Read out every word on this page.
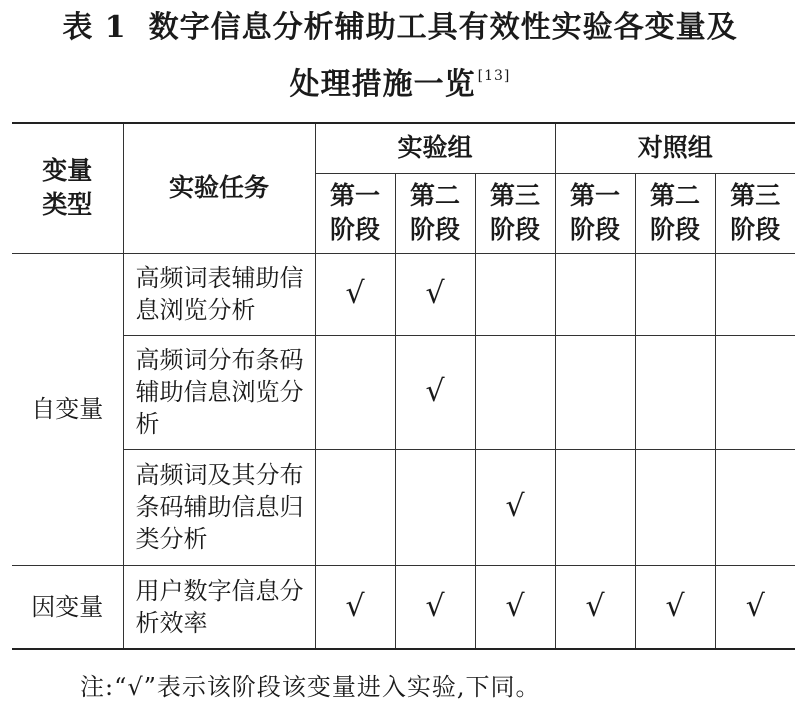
表 1 数字信息分析辅助工具有效性实验各变量及
处理措施一览 [13]
变量类型	实验任务	实验组			对照组		

		第一阶段	第二阶段	第三阶段	第一阶段	第二阶段	第三阶段

自变量	高频词表辅助信息浏览分析	√	√				

	高频词分布条码辅助信息浏览分析		√				

	高频词及其分布条码辅助信息归类分析			√			
因变量	用户数字信息分析效率	√	√	√	√	√	√
注:“√”表示该阶段该变量进入实验,下同。
